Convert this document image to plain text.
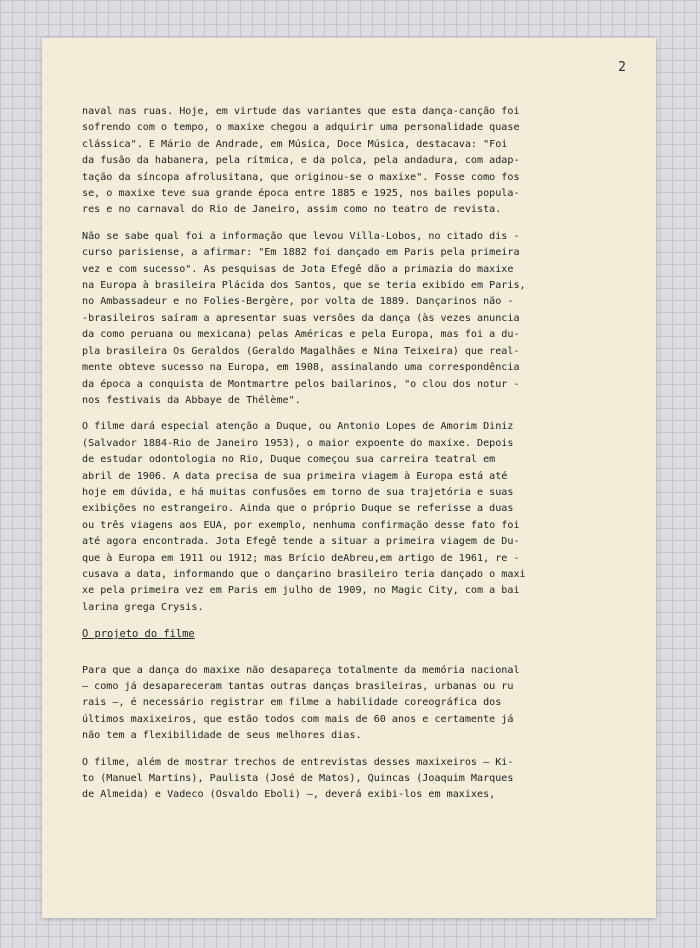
2
naval nas ruas. Hoje, em virtude das variantes que esta dança-canção foi
sofrendo com o tempo, o maxixe chegou a adquirir uma personalidade quase
clássica". E Mário de Andrade, em Música, Doce Música, destacava: "Foi
da fusão da habanera, pela rítmica, e da polca, pela andadura, com adap-
tação da síncopa afrolusitana, que originou-se o maxixe". Fosse como fos
se, o maxixe teve sua grande época entre 1885 e 1925, nos bailes popula-
res e no carnaval do Rio de Janeiro, assim como no teatro de revista.
Não se sabe qual foi a informação que levou Villa-Lobos, no citado dis -
curso parisiense, a afirmar: "Em 1882 foi dançado em Paris pela primeira
vez e com sucesso". As pesquisas de Jota Efegê dão a primazia do maxixe
na Europa à brasileira Plácida dos Santos, que se teria exibido em Paris,
no Ambassadeur e no Folies-Bergère, por volta de 1889. Dançarinos não -
-brasileiros saíram a apresentar suas versões da dança (às vezes anuncia
da como peruana ou mexicana) pelas Américas e pela Europa, mas foi a du-
pla brasileira Os Geraldos (Geraldo Magalhães e Nina Teixeira) que real-
mente obteve sucesso na Europa, em 1908, assinalando uma correspondência
da época a conquista de Montmartre pelos bailarinos, "o clou dos notur -
nos festivais da Abbaye de Thélème".
O filme dará especial atenção a Duque, ou Antonio Lopes de Amorim Diniz
(Salvador 1884-Rio de Janeiro 1953), o maior expoente do maxixe. Depois
de estudar odontologia no Rio, Duque começou sua carreira teatral em
abril de 1906. A data precisa de sua primeira viagem à Europa está até
hoje em dúvida, e há muitas confusões em torno de sua trajetória e suas
exibições no estrangeiro. Ainda que o próprio Duque se referisse a duas
ou três viagens aos EUA, por exemplo, nenhuma confirmação desse fato foi
até agora encontrada. Jota Efegê tende a situar a primeira viagem de Du-
que à Europa em 1911 ou 1912; mas Brício deAbreu,em artigo de 1961, re -
cusava a data, informando que o dançarino brasileiro teria dançado o maxi
xe pela primeira vez em Paris em julho de 1909, no Magic City, com a bai
larina grega Crysis.
O projeto do filme
Para que a dança do maxixe não desapareça totalmente da memória nacional
— como já desapareceram tantas outras danças brasileiras, urbanas ou ru
rais —, é necessário registrar em filme a habilidade coreográfica dos
últimos maxixeiros, que estão todos com mais de 60 anos e certamente já
não tem a flexibilidade de seus melhores dias.
O filme, além de mostrar trechos de entrevistas desses maxixeiros — Ki-
to (Manuel Martins), Paulista (José de Matos), Quincas (Joaquim Marques
de Almeida) e Vadeco (Osvaldo Eboli) —, deverá exibi-los em maxixes,
